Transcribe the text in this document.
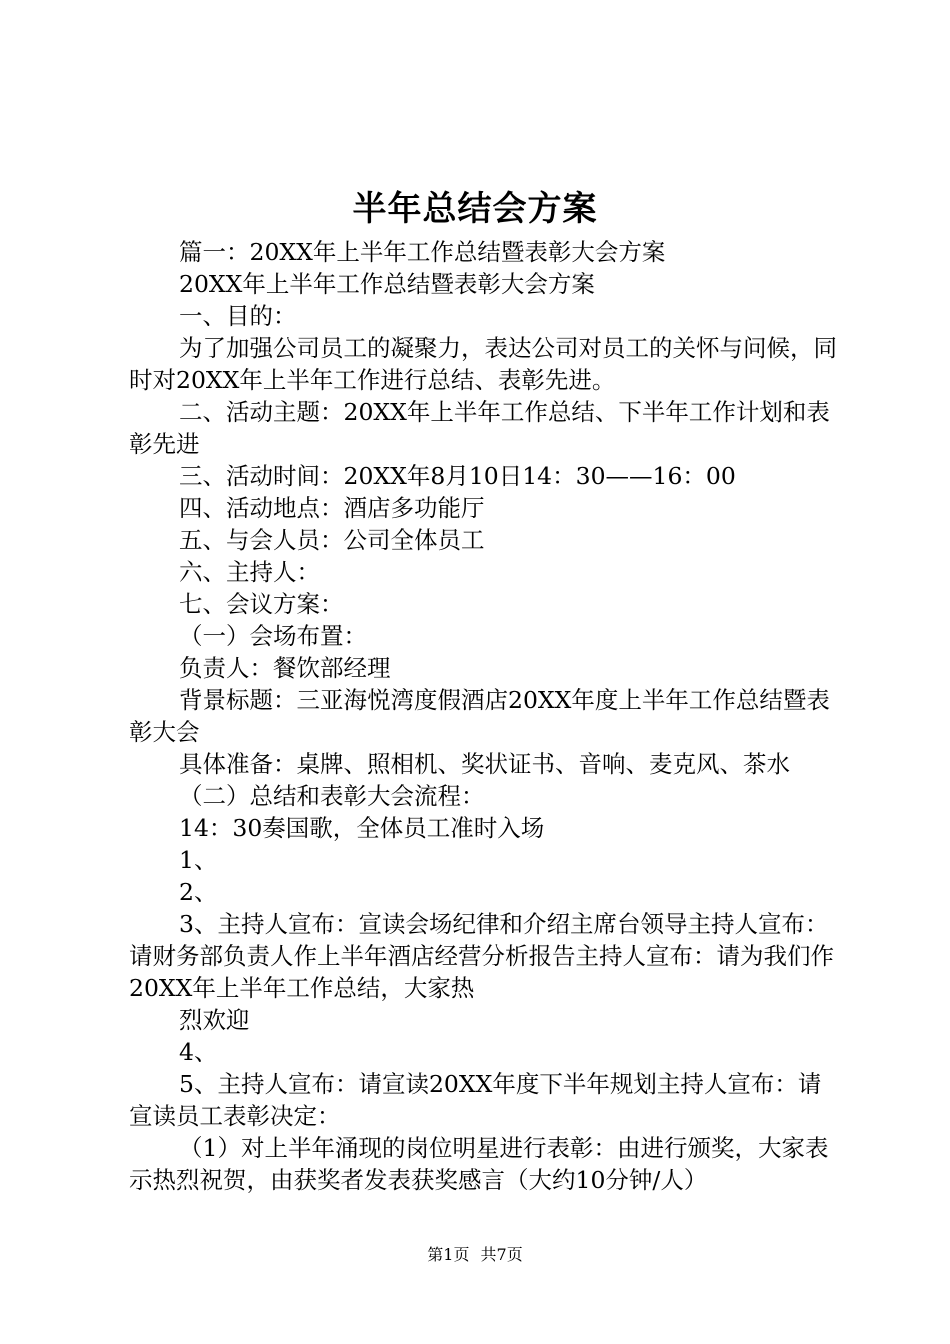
半年总结会方案

篇一：20XX年上半年工作总结暨表彰大会方案

20XX年上半年工作总结暨表彰大会方案

一、目的：

为了加强公司员工的凝聚力，表达公司对员工的关怀与问候，同时对20XX年上半年工作进行总结、表彰先进。

二、活动主题：20XX年上半年工作总结、下半年工作计划和表彰先进

三、活动时间：20XX年8月10日14：30——16：00

四、活动地点：酒店多功能厅

五、与会人员：公司全体员工

六、主持人：

七、会议方案：

（一）会场布置：

负责人：餐饮部经理

背景标题：三亚海悦湾度假酒店20XX年度上半年工作总结暨表彰大会

具体准备：桌牌、照相机、奖状证书、音响、麦克风、茶水

（二）总结和表彰大会流程：

14：30奏国歌，全体员工准时入场

1、

2、

3、主持人宣布：宣读会场纪律和介绍主席台领导主持人宣布：请财务部负责人作上半年酒店经营分析报告主持人宣布：请为我们作20XX年上半年工作总结，大家热

烈欢迎

4、

5、主持人宣布：请宣读20XX年度下半年规划主持人宣布：请宣读员工表彰决定：

（1）对上半年涌现的岗位明星进行表彰：由进行颁奖，大家表示热烈祝贺，由获奖者发表获奖感言（大约10分钟/人）

第1页 共7页
